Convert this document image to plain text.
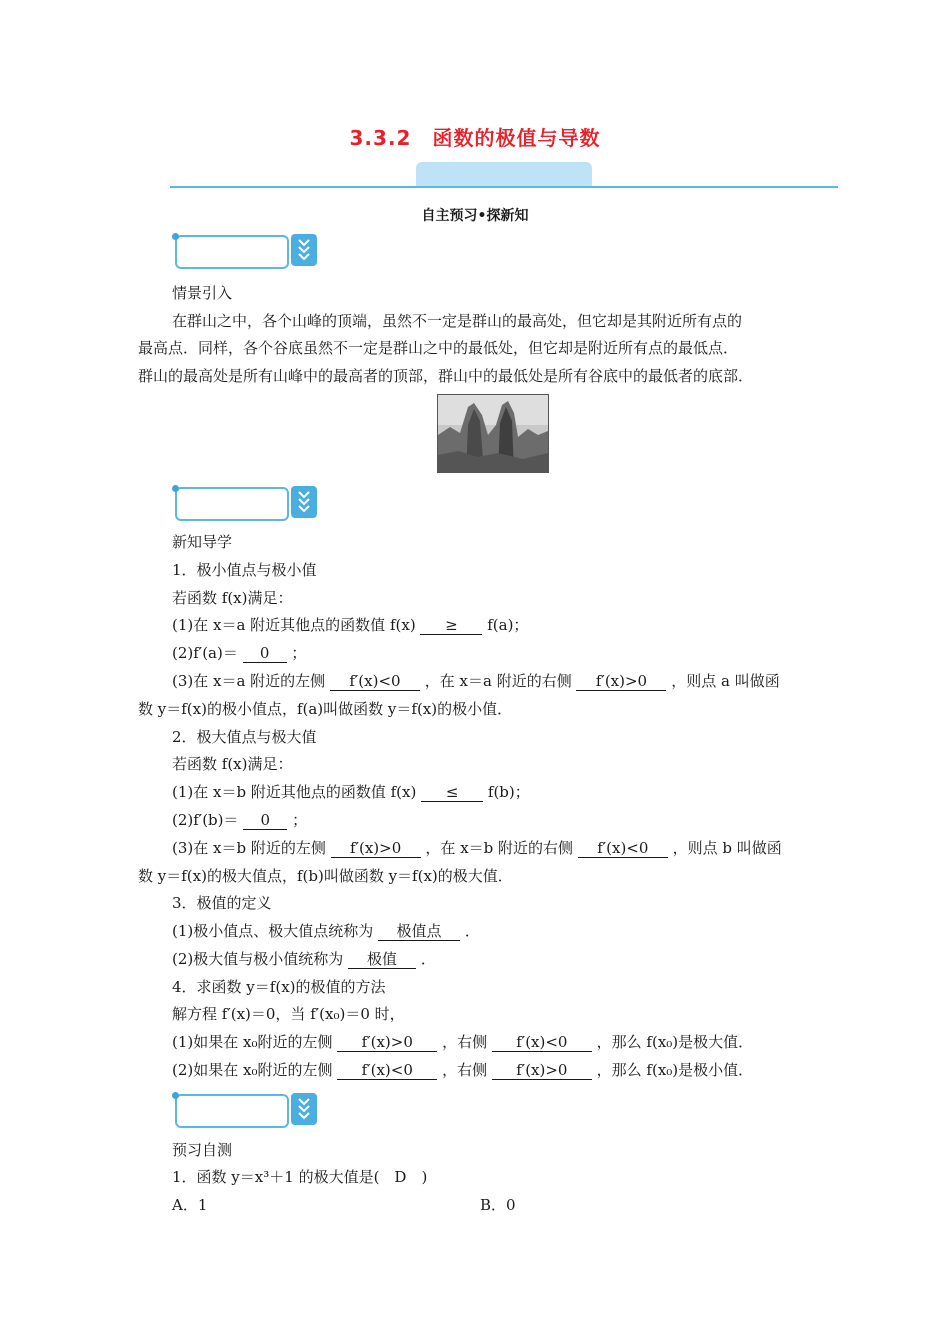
3.3.2　函数的极值与导数
自主预习•探新知
情景引入
在群山之中，各个山峰的顶端，虽然不一定是群山的最高处，但它却是其附近所有点的
最高点．同样，各个谷底虽然不一定是群山之中的最低处，但它却是附近所有点的最低点．
群山的最高处是所有山峰中的最高者的顶部，群山中的最低处是所有谷底中的最低者的底部．
新知导学
1．极小值点与极小值
若函数 f(x)满足：
(1)在 x＝a 附近其他点的函数值 f(x) ≥ f(a)；
(2)f′(a)＝ 0 ；
(3)在 x＝a 附近的左侧 f′(x)<0 ，在 x＝a 附近的右侧 f′(x)>0 ，则点 a 叫做函
数 y＝f(x)的极小值点，f(a)叫做函数 y＝f(x)的极小值．
2．极大值点与极大值
若函数 f(x)满足：
(1)在 x＝b 附近其他点的函数值 f(x) ≤ f(b)；
(2)f′(b)＝ 0 ；
(3)在 x＝b 附近的左侧 f′(x)>0 ，在 x＝b 附近的右侧 f′(x)<0 ，则点 b 叫做函
数 y＝f(x)的极大值点，f(b)叫做函数 y＝f(x)的极大值．
3．极值的定义
(1)极小值点、极大值点统称为 极值点 ．
(2)极大值与极小值统称为 极值 ．
4．求函数 y＝f(x)的极值的方法
解方程 f′(x)＝0，当 f′(x₀)＝0 时，
(1)如果在 x₀附近的左侧 f′(x)>0 ，右侧 f′(x)<0 ，那么 f(x₀)是极大值．
(2)如果在 x₀附近的左侧 f′(x)<0 ，右侧 f′(x)>0 ，那么 f(x₀)是极小值．
预习自测
1．函数 y＝x³＋1 的极大值是(　D　)
A．1	B．0
